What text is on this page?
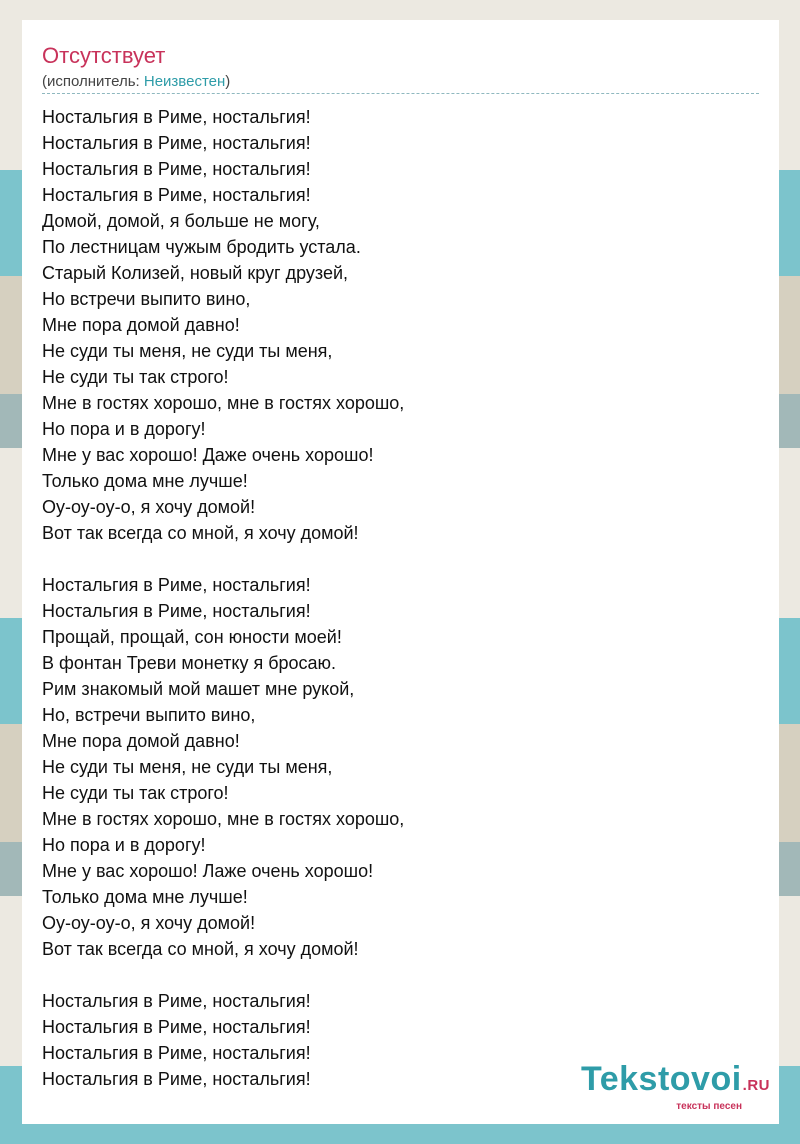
Отсутствует
(исполнитель: Неизвестен)
Ностальгия в Риме, ностальгия!
Ностальгия в Риме, ностальгия!
Ностальгия в Риме, ностальгия!
Ностальгия в Риме, ностальгия!
Домой, домой, я больше не могу,
По лестницам чужым бродить устала.
Старый Колизей, новый круг друзей,
Но встречи выпито вино,
Мне пора домой давно!
Не суди ты меня, не суди ты меня,
Не суди ты так строго!
Мне в гостях хорошо, мне в гостях хорошо,
Но пора и в дорогу!
Мне у вас хорошо! Даже очень хорошо!
Только дома мне лучше!
Оу-оу-оу-о, я хочу домой!
Вот так всегда со мной, я хочу домой!
Ностальгия в Риме, ностальгия!
Ностальгия в Риме, ностальгия!
Прощай, прощай, сон юности моей!
В фонтан Треви монетку я бросаю.
Рим знакомый мой машет мне рукой,
Но, встречи выпито вино,
Мне пора домой давно!
Не суди ты меня, не суди ты меня,
Не суди ты так строго!
Мне в гостях хорошо, мне в гостях хорошо,
Но пора и в дорогу!
Мне у вас хорошо! Лаже очень хорошо!
Только дома мне лучше!
Оу-оу-оу-о, я хочу домой!
Вот так всегда со мной, я хочу домой!
Ностальгия в Риме, ностальгия!
Ностальгия в Риме, ностальгия!
Ностальгия в Риме, ностальгия!
Ностальгия в Риме, ностальгия!	Tekstovoi.RU
тексты песен
